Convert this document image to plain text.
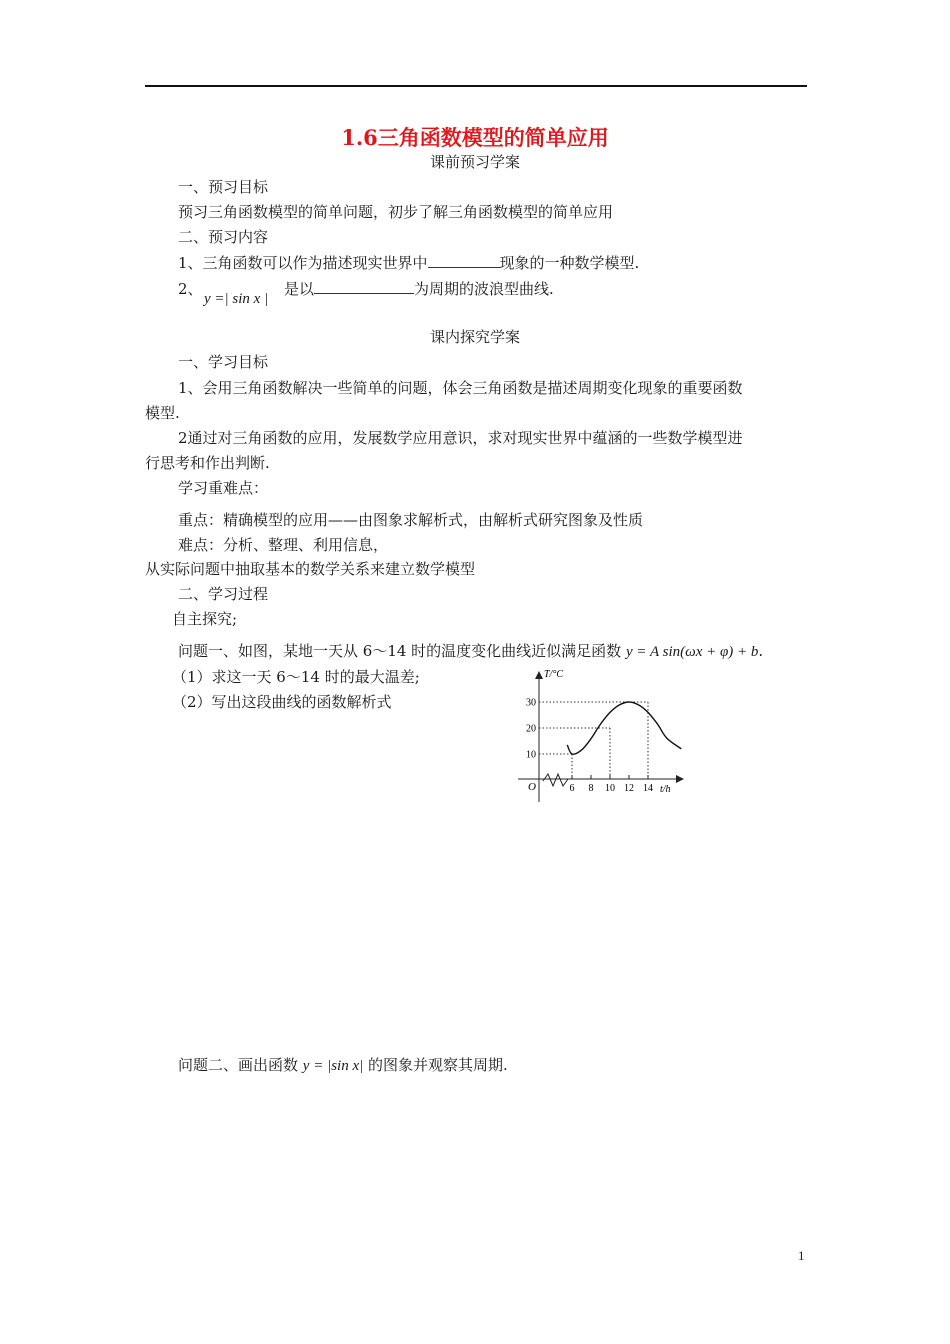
1.6三角函数模型的简单应用
课前预习学案
一、预习目标
预习三角函数模型的简单问题，初步了解三角函数模型的简单应用
二、预习内容
1、三角函数可以作为描述现实世界中	现象的一种数学模型.
2、
y =| sin x |
是以	为周期的波浪型曲线.
课内探究学案
一、学习目标
1、会用三角函数解决一些简单的问题，体会三角函数是描述周期变化现象的重要函数
模型.
2通过对三角函数的应用，发展数学应用意识，求对现实世界中蕴涵的一些数学模型进
行思考和作出判断.
学习重难点：
重点：精确模型的应用——由图象求解析式，由解析式研究图象及性质
难点：分析、整理、利用信息，
从实际问题中抽取基本的数学关系来建立数学模型
二、学习过程
自主探究;
问题一、如图，某地一天从 6～14 时的温度变化曲线近似满足函数 y = A sin(ωx + φ) + b.
（1）求这一天 6～14 时的最大温差;
（2）写出这段曲线的函数解析式
10
20
30
6 8 10 12 14
O
T/°C
t/h
问题二、画出函数 y = |sin x| 的图象并观察其周期.
1
